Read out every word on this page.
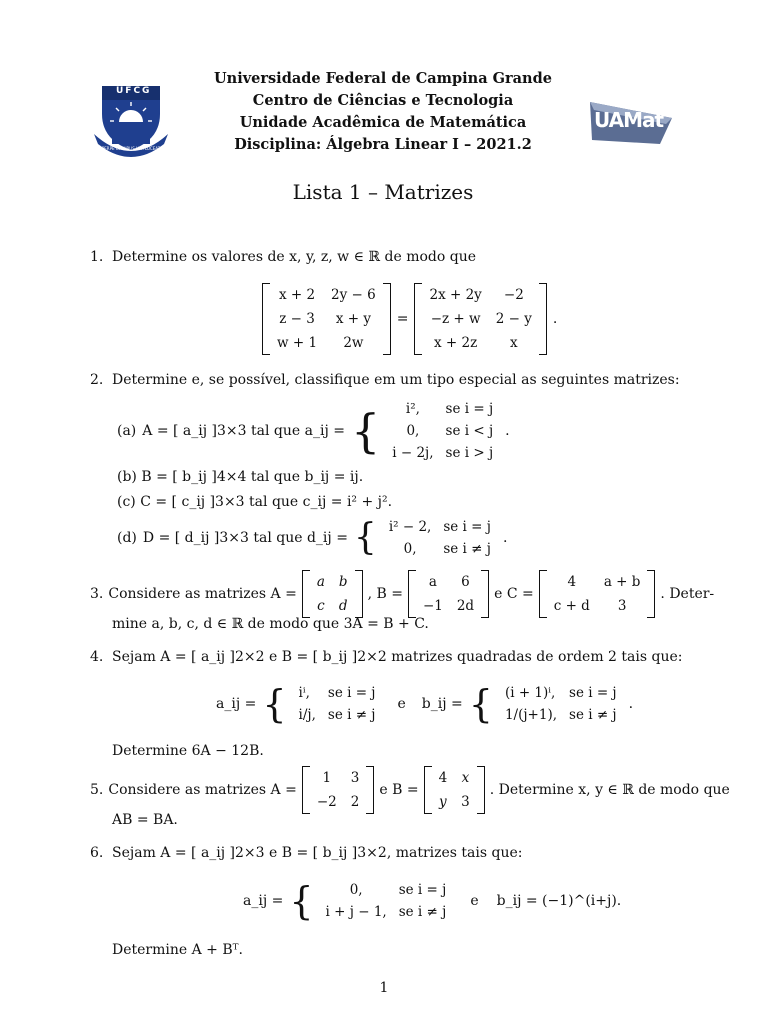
UFCG
PERPE OMNIBUS LUX LUCEAT
UAMat
Universidade Federal de Campina Grande
Centro de Ciências e Tecnologia
Unidade Acadêmica de Matemática
Disciplina: Álgebra Linear I – 2021.2
Lista 1 – Matrizes
1. Determine os valores de x, y, z, w ∈ ℝ de modo que
x + 2	2y − 6
z − 3	x + y
w + 1	2w
=
2x + 2y	−2
−z + w	2 − y
x + 2z	x
.
2. Determine e, se possível, classifique em um tipo especial as seguintes matrizes:
(a) A = [ a_ij ]3×3 tal que a_ij = { i²,	se i = j
0,	se i < j
i − 2j,	se i > j
.
(b) B = [ b_ij ]4×4 tal que b_ij = ij.
(c) C = [ c_ij ]3×3 tal que c_ij = i² + j².
(d) D = [ d_ij ]3×3 tal que d_ij = { i² − 2,	se i = j
0,	se i ≠ j
.
3. Considere as matrizes A =
a	b
c	d
, B =
a	6
−1	2d
e C =
4	a + b
c + d	3
. Deter-
mine a, b, c, d ∈ ℝ de modo que 3A = B + C.
4. Sejam A = [ a_ij ]2×2 e B = [ b_ij ]2×2 matrizes quadradas de ordem 2 tais que:
a_ij = { iⁱ,	se i = j
i/j,	se i ≠ j
e b_ij = { (i + 1)ⁱ,	se i = j
1/(j+1),	se i ≠ j
.
Determine 6A − 12B.
5. Considere as matrizes A =
1	3
−2	2
e B =
4	x
y	3
. Determine x, y ∈ ℝ de modo que
AB = BA.
6. Sejam A = [ a_ij ]2×3 e B = [ b_ij ]3×2, matrizes tais que:
a_ij = {	0,	se i = j
i + j − 1,	se i ≠ j
e b_ij = (−1)^(i+j).
Determine A + Bᵀ.
1
